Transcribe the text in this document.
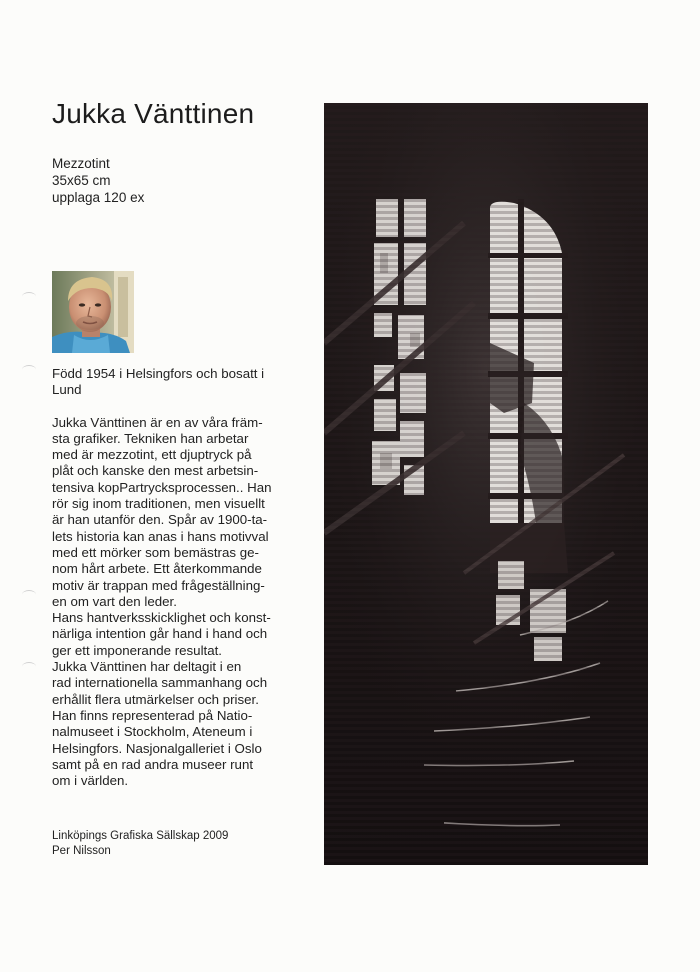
Jukka Vänttinen
Mezzotint
35x65 cm
upplaga 120 ex
Född 1954 i Helsingfors och bosatt i
Lund
Jukka Vänttinen är en av våra främ-
sta grafiker. Tekniken han arbetar
med är mezzotint, ett djuptryck på
plåt och kanske den mest arbetsin-
tensiva kopPartrycksprocessen.. Han
rör sig inom traditionen, men visuellt
är han utanför den. Spår av 1900-ta-
lets historia kan anas i hans motivval
med ett mörker som bemästras ge-
nom hårt arbete. Ett återkommande
motiv är trappan med frågeställning-
en om vart den leder.
Hans hantverksskicklighet och konst-
närliga intention går hand i hand och
ger ett imponerande resultat.
Jukka Vänttinen har deltagit i en
rad internationella sammanhang och
erhållit flera utmärkelser och priser.
Han finns representerad på Natio-
nalmuseet i Stockholm, Ateneum i
Helsingfors. Nasjonalgalleriet i Oslo
samt på en rad andra museer runt
om i världen.
Linköpings Grafiska Sällskap 2009
Per Nilsson
